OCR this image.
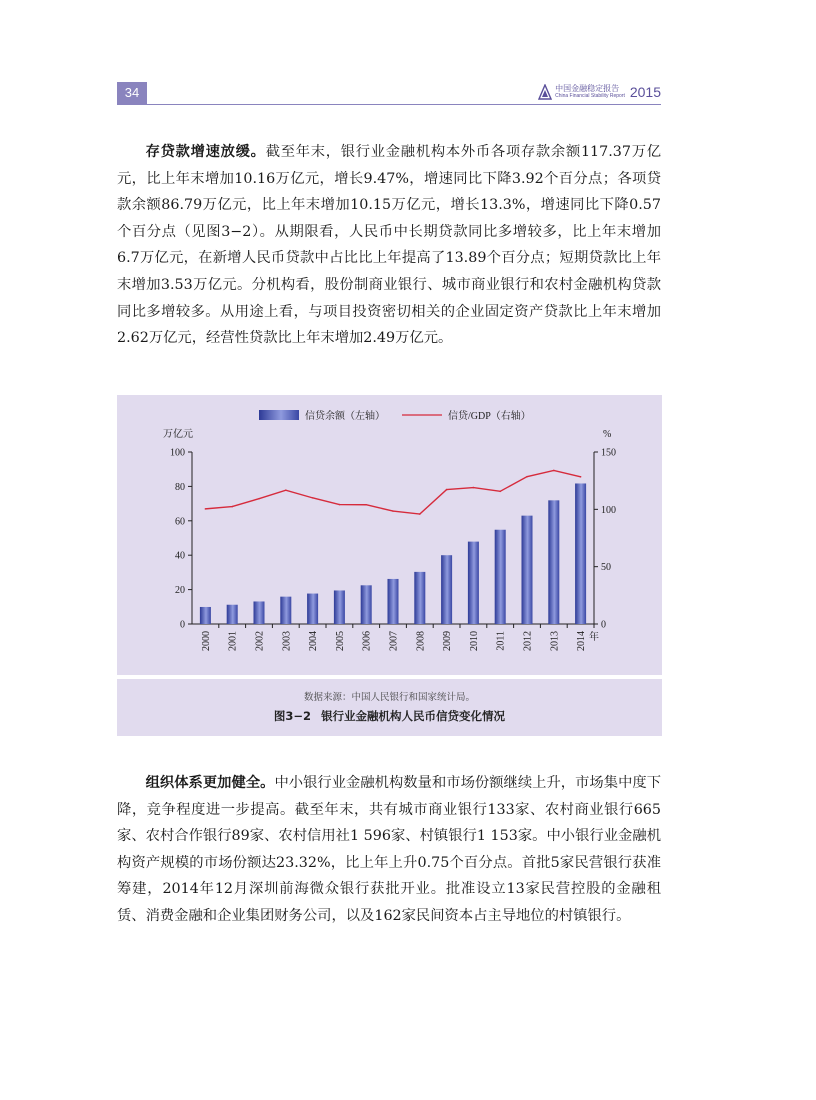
34	中国金融稳定报告
China Financial Stability Report 2015

存贷款增速放缓。截至年末，银行业金融机构本外币各项存款余额117.37万亿元，比上年末增加10.16万亿元，增长9.47%，增速同比下降3.92个百分点；各项贷款余额86.79万亿元，比上年末增加10.15万亿元，增长13.3%，增速同比下降0.57个百分点（见图3−2）。从期限看，人民币中长期贷款同比多增较多，比上年末增加6.7万亿元，在新增人民币贷款中占比比上年提高了13.89个百分点；短期贷款比上年末增加3.53万亿元。分机构看，股份制商业银行、城市商业银行和农村金融机构贷款同比多增较多。从用途上看，与项目投资密切相关的企业固定资产贷款比上年末增加2.62万亿元，经营性贷款比上年末增加2.49万亿元。

信贷余额（左轴）	信贷/GDP（右轴）
万亿元	%
年
0
20
40
60
80
100
0
50
100
150
2000 2001 2002 2003 2004 2005 2006 2007 2008 2009 2010 2011 2012 2013 2014
数据来源：中国人民银行和国家统计局。
图3−2 银行业金融机构人民币信贷变化情况

组织体系更加健全。中小银行业金融机构数量和市场份额继续上升，市场集中度下降，竞争程度进一步提高。截至年末，共有城市商业银行133家、农村商业银行665家、农村合作银行89家、农村信用社1 596家、村镇银行1 153家。中小银行业金融机构资产规模的市场份额达23.32%，比上年上升0.75个百分点。首批5家民营银行获准筹建，2014年12月深圳前海微众银行获批开业。批准设立13家民营控股的金融租赁、消费金融和企业集团财务公司，以及162家民间资本占主导地位的村镇银行。
